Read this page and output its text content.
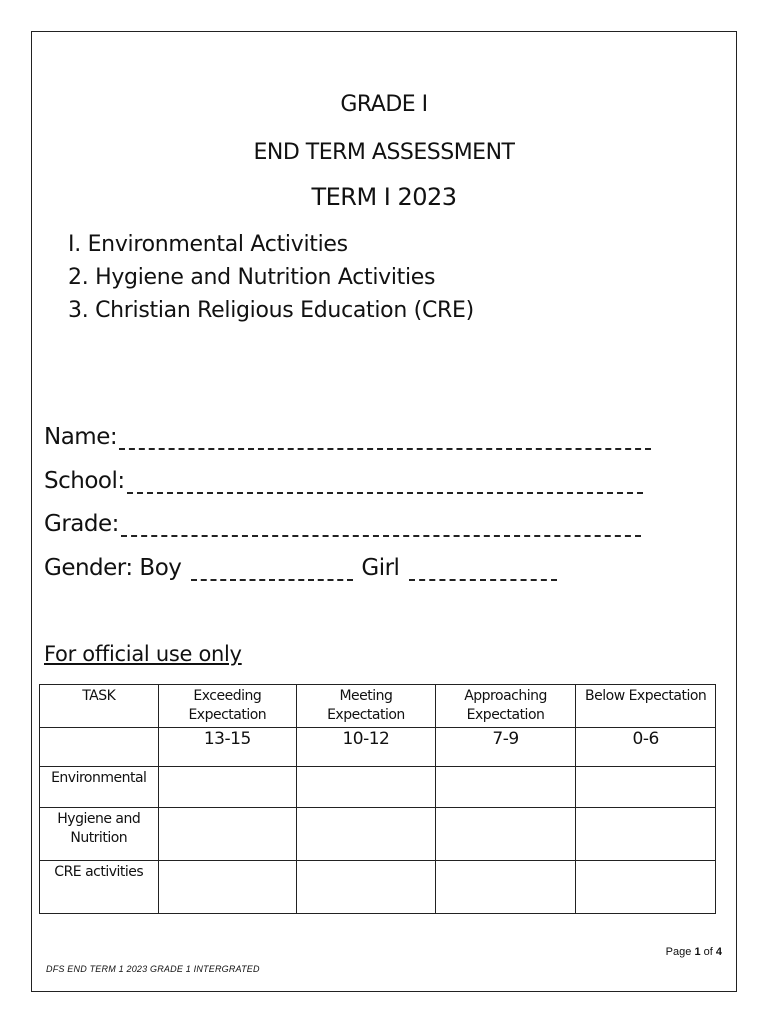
GRADE I
END TERM ASSESSMENT
TERM I 2023
I. Environmental Activities
2. Hygiene and Nutrition Activities
3. Christian Religious Education (CRE)
Name:
School:
Grade:
Gender: Boy	Girl
For official use only
TASK	Exceeding Expectation	Meeting Expectation	Approaching Expectation	Below Expectation
	13-15	10-12	7-9	0-6
Environmental				
Hygiene and Nutrition				
CRE activities				
Page 1 of 4
DFS END TERM 1 2023 GRADE 1 INTERGRATED
